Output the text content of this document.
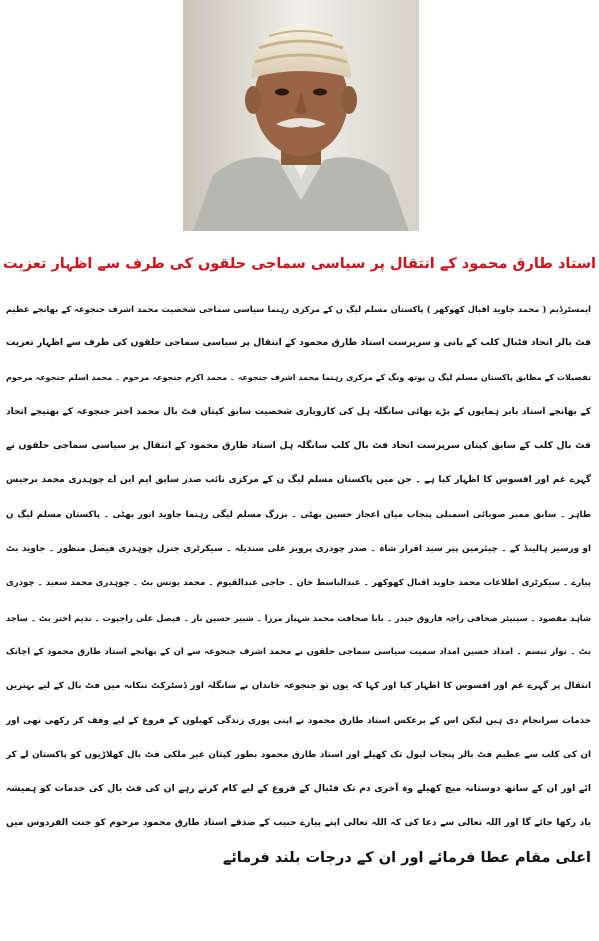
استاد طارق محمود کے انتقال پر سیاسی سماجی حلقوں کی طرف سے اظہار تعزیت
ایمسٹرڈیم ( محمد جاوید اقبال کھوکھر ) پاکستان مسلم لیگ ن کے مرکزی رہنما سیاسی سماجی شخصیت محمد اشرف جنجوعہ کے بھانجے عظیم
فٹ بالر اتحاد فٹبال کلب کے بانی و سرپرست استاد طارق محمود کے انتقال پر سیاسی سماجی حلقوں کی طرف سے اظہار تعزیت
تفصیلات کے مطابق پاکستان مسلم لیگ ن یوتھ ونگ کے مرکزی رہنما محمد اشرف جنجوعہ ۔ محمد اکرم جنجوعہ مرحوم ۔ محمد اسلم جنجوعہ مرحوم
کے بھانجے استاد بابر ہمایوں کے بڑے بھائی سانگلہ ہل کی کاروباری شخصیت سابق کپتان فٹ بال محمد اختر جنجوعہ کے بھتیجے اتحاد
فٹ بال کلب کے سابق کپتان سرپرست اتحاد فٹ بال کلب سانگلہ ہل استاد طارق محمود کے انتقال پر سیاسی سماجی حلقوں نے
گہرے غم اور افسوس کا اظہار کیا ہے ۔ جن میں پاکستان مسلم لیگ ن کے مرکزی نائب صدر سابق ایم این اے چوہدری محمد برجیس
طاہر ۔ سابق ممبر صوبائی اسمبلی پنجاب میاں اعجاز حسین بھٹی ۔ بزرگ مسلم لیگی رہنما جاوید انور بھٹی ۔ پاکستان مسلم لیگ ن
او ورسیز ہالینڈ کے ۔ چیئرمین پیر سید اقرار شاہ ۔ صدر چودری پرویز علی سندیلہ ۔ سیکرٹری جنرل چوہدری فیصل منظور ۔ جاوید بٹ
پیارے ۔ سیکرٹری اطلاعات محمد جاوید اقبال کھوکھر ۔ عبدالباسط خان ۔ حاجی عبدالقیوم ۔ محمد یونس بٹ ۔ چوہدری محمد سعید ۔ چودری
شاہد مقصود ۔ سینیئر صحافی راجہ فاروق حیدر ۔ بابا صحافت محمد شہباز مرزا ۔ شبیر حسین ناز ۔ فیصل علی راجپوت ۔ ندیم اختر بٹ ۔ ساجد
بٹ ۔ نواز تبسم ۔ امداد حسین امداد سمیت سیاسی سماجی حلقوں نے محمد اشرف جنجوعہ سے ان کے بھانجے استاد طارق محمود کے اچانک
انتقال پر گہرے غم اور افسوس کا اظہار کیا اور کہا کہ یوں تو جنجوعہ خاندان نے سانگلہ اور ڈسٹرکٹ ننکانہ میں فٹ بال کے لیے بہترین
خدمات سرانجام دی ہیں لیکن اس کے برعکس استاد طارق محمود نے اپنی پوری زندگی کھیلوں کے فروغ کے لیے وقف کر رکھی تھی اور
ان کی کلب سے عظیم فٹ بالر پنجاب لیول تک کھیلے اور استاد طارق محمود بطور کپتان غیر ملکی فٹ بال کھلاڑیوں کو پاکستان لے کر
ائے اور ان کے ساتھ دوستانہ میچ کھیلے وہ آخری دم تک فٹبال کے فروغ کے لیے کام کرتے رہے ان کی فٹ بال کی خدمات کو ہمیشہ
یاد رکھا جائے گا اور اللہ تعالی سے دعا کی کہ اللہ تعالی اپنے پیارے حبیب کے صدقے استاد طارق محمود مرحوم کو جنت الفردوس میں
اعلی مقام عطا فرمائے اور ان کے درجات بلند فرمائے
